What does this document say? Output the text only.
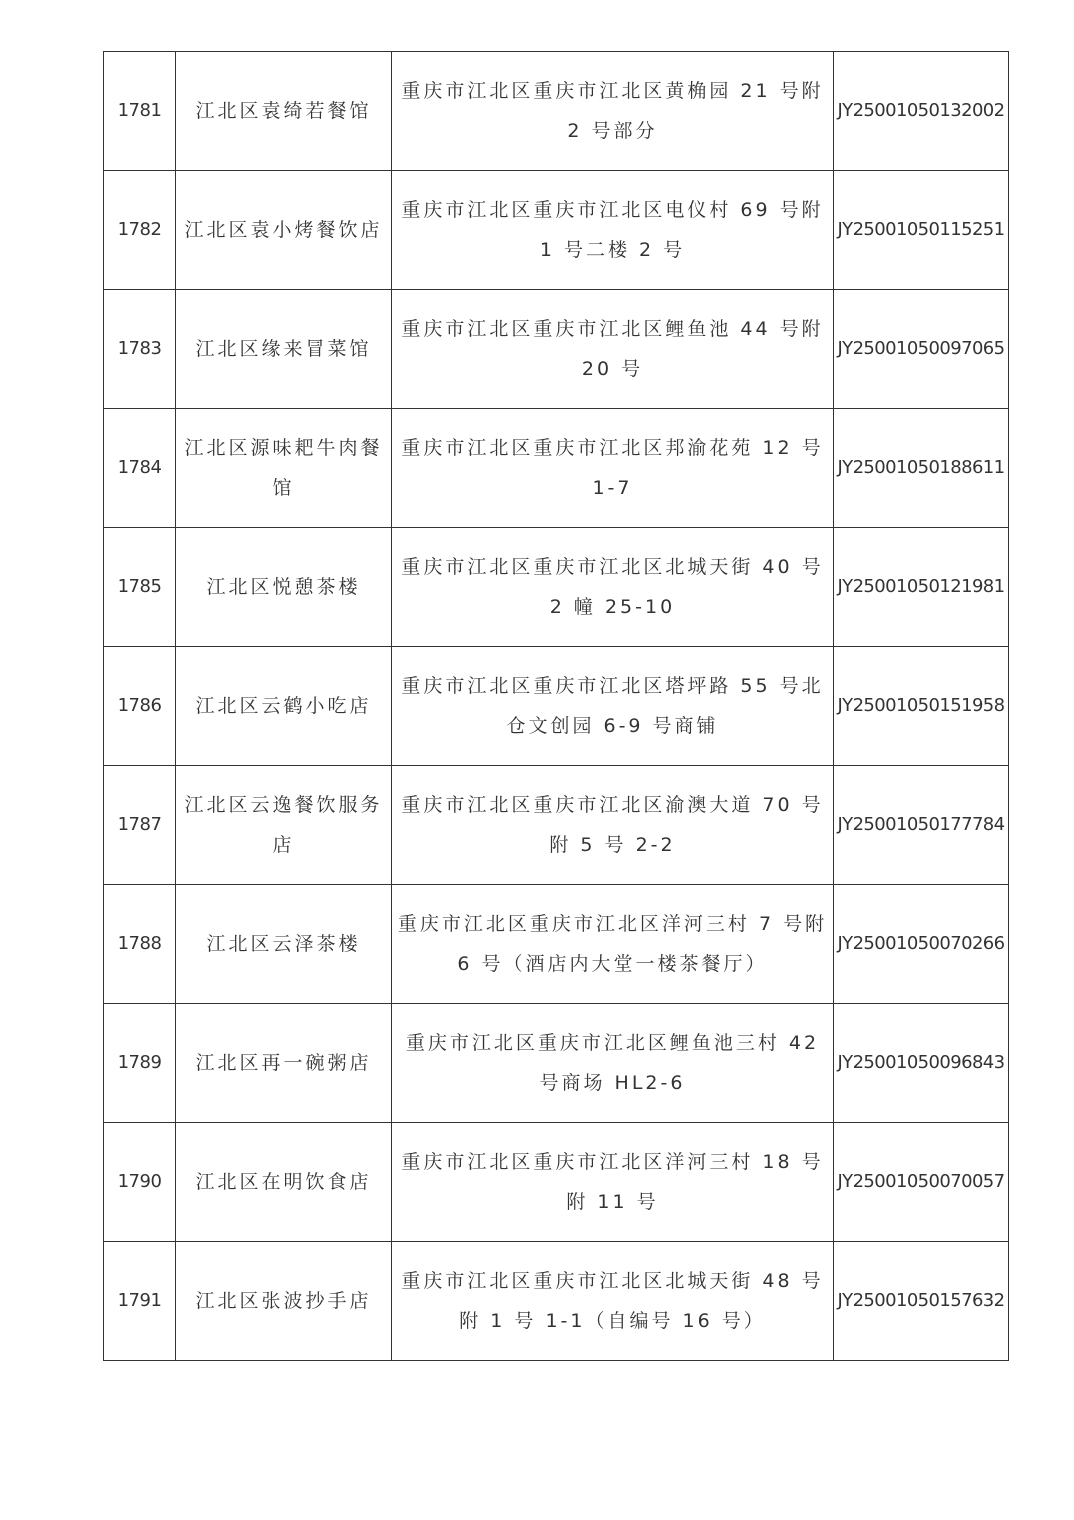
1781	江北区袁绮若餐馆	重庆市江北区重庆市江北区黄桷园 21 号附 2 号部分	JY25001050132002
1782	江北区袁小烤餐饮店	重庆市江北区重庆市江北区电仪村 69 号附 1 号二楼 2 号	JY25001050115251
1783	江北区缘来冒菜馆	重庆市江北区重庆市江北区鲤鱼池 44 号附 20 号	JY25001050097065
1784	江北区源味耙牛肉餐馆	重庆市江北区重庆市江北区邦渝花苑 12 号 1-7	JY25001050188611
1785	江北区悦憩茶楼	重庆市江北区重庆市江北区北城天街 40 号 2 幢 25-10	JY25001050121981
1786	江北区云鹤小吃店	重庆市江北区重庆市江北区塔坪路 55 号北仓文创园 6-9 号商铺	JY25001050151958
1787	江北区云逸餐饮服务店	重庆市江北区重庆市江北区渝澳大道 70 号附 5 号 2-2	JY25001050177784
1788	江北区云泽茶楼	重庆市江北区重庆市江北区洋河三村 7 号附 6 号（酒店内大堂一楼茶餐厅）	JY25001050070266
1789	江北区再一碗粥店	重庆市江北区重庆市江北区鲤鱼池三村 42 号商场 HL2-6	JY25001050096843
1790	江北区在明饮食店	重庆市江北区重庆市江北区洋河三村 18 号附 11 号	JY25001050070057
1791	江北区张波抄手店	重庆市江北区重庆市江北区北城天街 48 号附 1 号 1-1（自编号 16 号）	JY25001050157632
